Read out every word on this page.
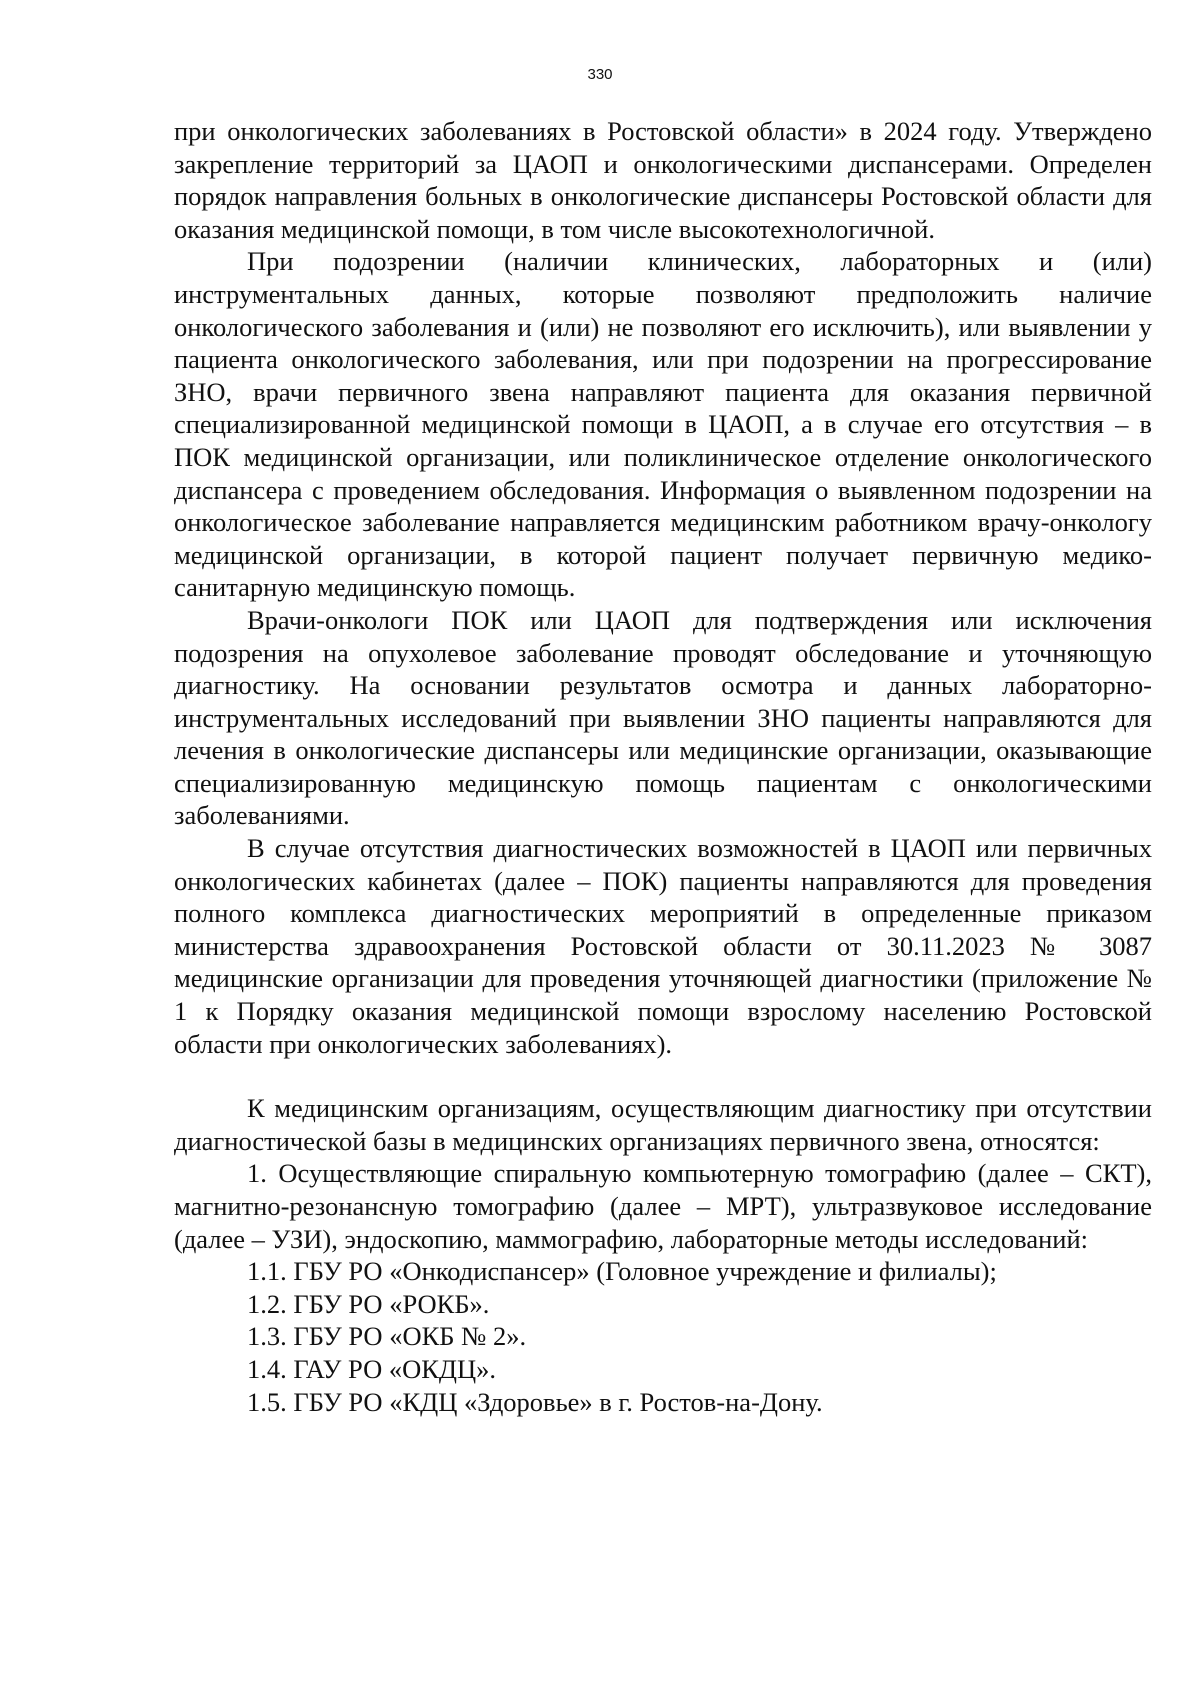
330

при онкологических заболеваниях в Ростовской области» в 2024 году. Утверждено закрепление территорий за ЦАОП и онкологическими диспансерами. Определен порядок направления больных в онкологические диспансеры Ростовской области для оказания медицинской помощи, в том числе высокотехнологичной.

При подозрении (наличии клинических, лабораторных и (или) инструментальных данных, которые позволяют предположить наличие онкологического заболевания и (или) не позволяют его исключить), или выявлении у пациента онкологического заболевания, или при подозрении на прогрессирование ЗНО, врачи первичного звена направляют пациента для оказания первичной специализированной медицинской помощи в ЦАОП, а в случае его отсутствия – в ПОК медицинской организации, или поликлиническое отделение онкологического диспансера с проведением обследования. Информация о выявленном подозрении на онкологическое заболевание направляется медицинским работником врачу-онкологу медицинской организации, в которой пациент получает первичную медико-санитарную медицинскую помощь.

Врачи-онкологи ПОК или ЦАОП для подтверждения или исключения подозрения на опухолевое заболевание проводят обследование и уточняющую диагностику. На основании результатов осмотра и данных лабораторно-инструментальных исследований при выявлении ЗНО пациенты направляются для лечения в онкологические диспансеры или медицинские организации, оказывающие специализированную медицинскую помощь пациентам с онкологическими заболеваниями.

В случае отсутствия диагностических возможностей в ЦАОП или первичных онкологических кабинетах (далее – ПОК) пациенты направляются для проведения полного комплекса диагностических мероприятий в определенные приказом министерства здравоохранения Ростовской области от 30.11.2023 № 3087 медицинские организации для проведения уточняющей диагностики (приложение № 1 к Порядку оказания медицинской помощи взрослому населению Ростовской области при онкологических заболеваниях).

К медицинским организациям, осуществляющим диагностику при отсутствии диагностической базы в медицинских организациях первичного звена, относятся:

1. Осуществляющие спиральную компьютерную томографию (далее – СКТ), магнитно-резонансную томографию (далее – МРТ), ультразвуковое исследование (далее – УЗИ), эндоскопию, маммографию, лабораторные методы исследований:

1.1. ГБУ РО «Онкодиспансер» (Головное учреждение и филиалы);

1.2. ГБУ РО «РОКБ».

1.3. ГБУ РО «ОКБ № 2».

1.4. ГАУ РО «ОКДЦ».

1.5. ГБУ РО «КДЦ «Здоровье» в г. Ростов-на-Дону.
